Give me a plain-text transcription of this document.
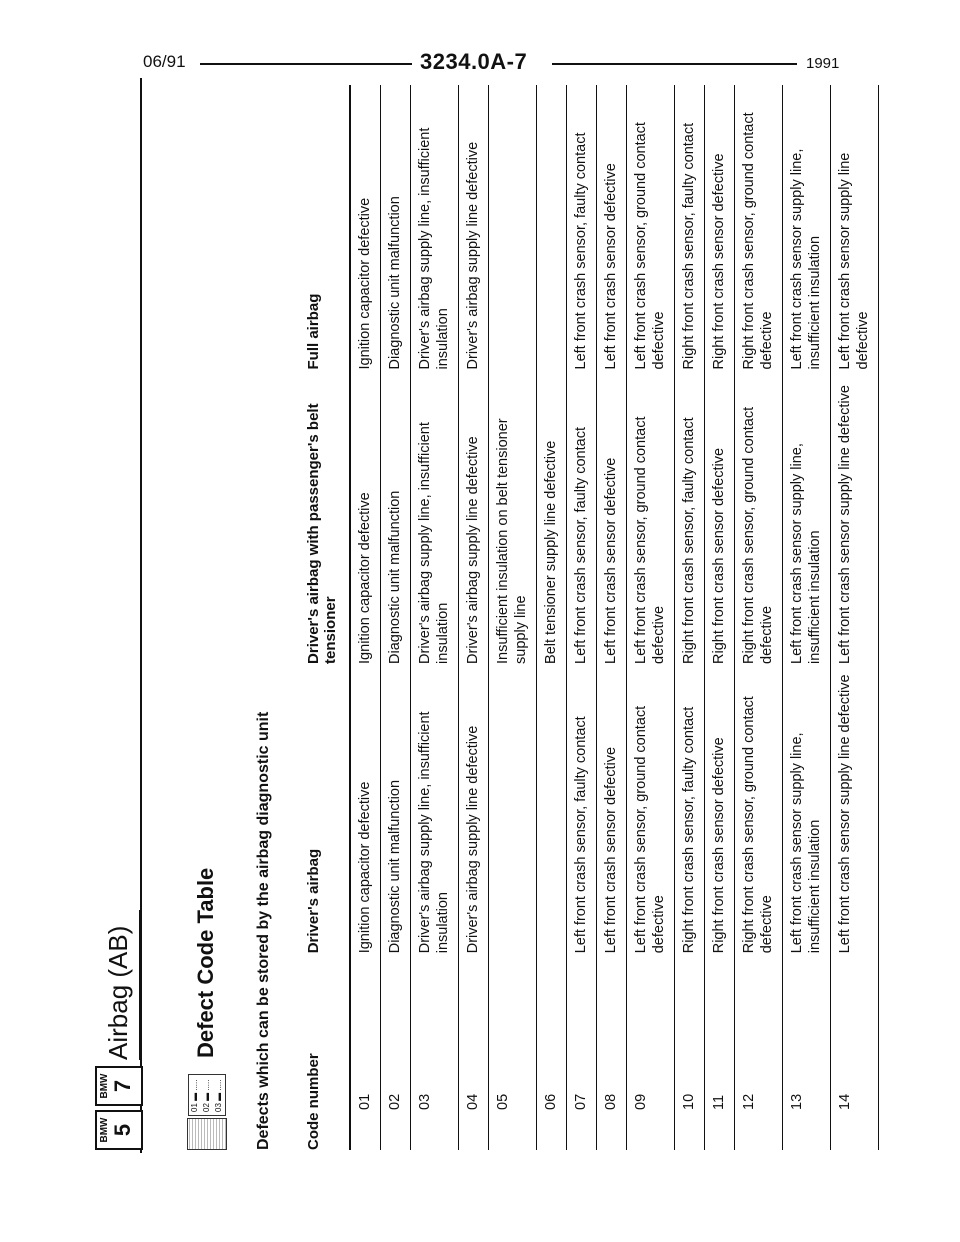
06/91	3234.0A-7	1991
BMW 5
BMW 7
Airbag (AB)
01 ▬ ..... 02 ▬ ..... 03 ▬ .....
Defect Code Table Defects which can be stored by the airbag diagnostic unit Code number	Driver's airbag	Driver's airbag with passenger's belt tensioner	Full airbag
01	Ignition capacitor defective	Ignition capacitor defective	Ignition capacitor defective
02	Diagnostic unit malfunction	Diagnostic unit malfunction	Diagnostic unit malfunction
03	Driver's airbag supply line, insufficient insulation	Driver's airbag supply line, insufficient insulation	Driver's airbag supply line, insufficient insulation
04	Driver's airbag supply line defective	Driver's airbag supply line defective	Driver's airbag supply line defective
05		Insufficient insulation on belt tensioner supply line	
06		Belt tensioner supply line defective	
07	Left front crash sensor, faulty contact	Left front crash sensor, faulty contact	Left front crash sensor, faulty contact
08	Left front crash sensor defective	Left front crash sensor defective	Left front crash sensor defective
09	Left front crash sensor, ground contact defective	Left front crash sensor, ground contact defective	Left front crash sensor, ground contact defective
10	Right front crash sensor, faulty contact	Right front crash sensor, faulty contact	Right front crash sensor, faulty contact
11	Right front crash sensor defective	Right front crash sensor defective	Right front crash sensor defective
12	Right front crash sensor, ground contact defective	Right front crash sensor, ground contact defective	Right front crash sensor, ground contact defective
13	Left front crash sensor supply line, insufficient insulation	Left front crash sensor supply line, insufficient insulation	Left front crash sensor supply line, insufficient insulation
14	Left front crash sensor supply line defective	Left front crash sensor supply line defective	Left front crash sensor supply line defective
